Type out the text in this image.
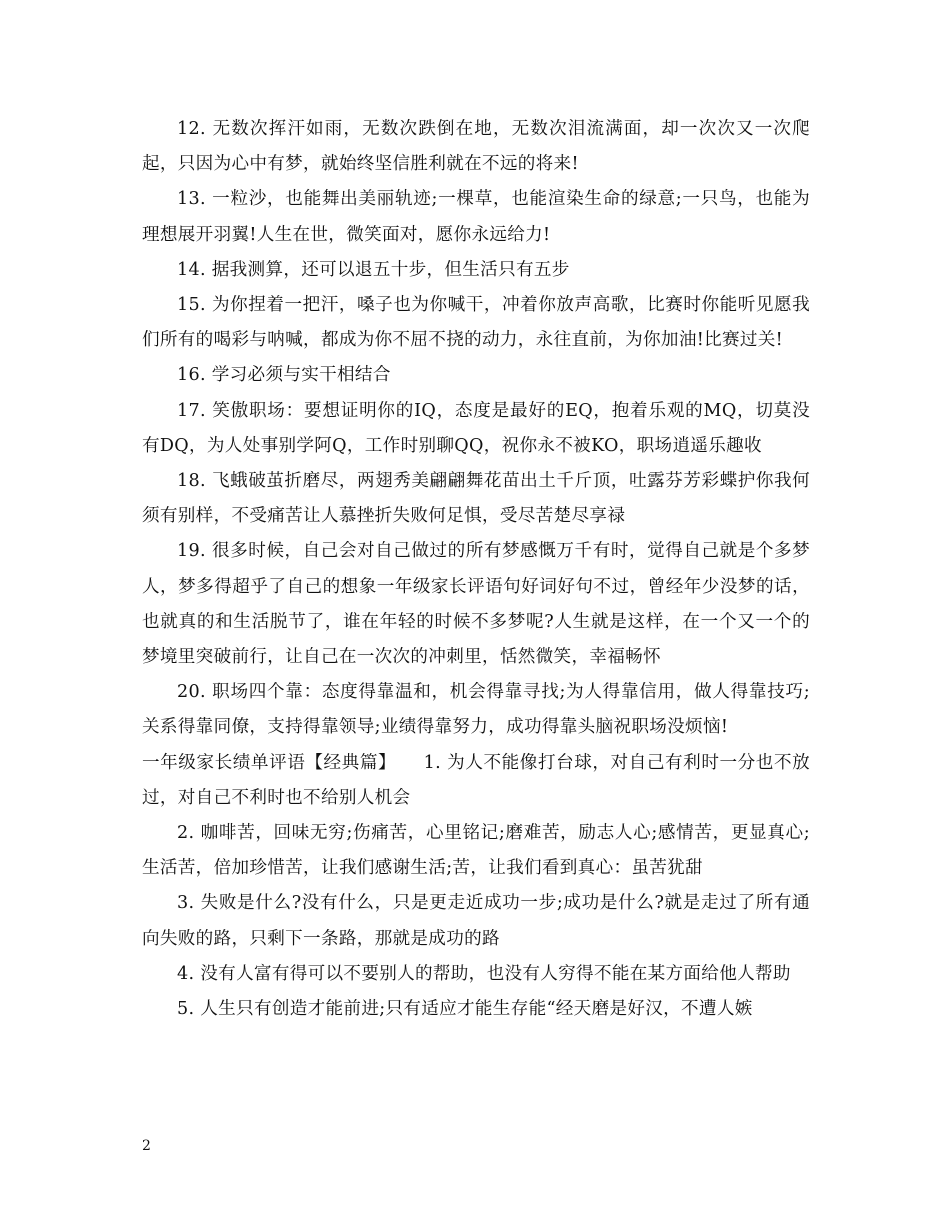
12. 无数次挥汗如雨，无数次跌倒在地，无数次泪流满面，却一次次又一次爬起，只因为心中有梦，就始终坚信胜利就在不远的将来!

13. 一粒沙，也能舞出美丽轨迹;一棵草，也能渲染生命的绿意;一只鸟，也能为理想展开羽翼!人生在世，微笑面对，愿你永远给力!

14. 据我测算，还可以退五十步，但生活只有五步

15. 为你捏着一把汗，嗓子也为你喊干，冲着你放声高歌，比赛时你能听见愿我们所有的喝彩与呐喊，都成为你不屈不挠的动力，永往直前，为你加油!比赛过关!

16. 学习必须与实干相结合

17. 笑傲职场：要想证明你的IQ，态度是最好的EQ，抱着乐观的MQ，切莫没有DQ，为人处事别学阿Q，工作时别聊QQ，祝你永不被KO，职场逍遥乐趣收

18. 飞蛾破茧折磨尽，两翅秀美翩翩舞花苗出土千斤顶，吐露芬芳彩蝶护你我何须有别样，不受痛苦让人慕挫折失败何足惧，受尽苦楚尽享禄

19. 很多时候，自己会对自己做过的所有梦感慨万千有时，觉得自己就是个多梦人，梦多得超乎了自己的想象一年级家长评语句好词好句不过，曾经年少没梦的话，也就真的和生活脱节了，谁在年轻的时候不多梦呢?人生就是这样，在一个又一个的梦境里突破前行，让自己在一次次的冲刺里，恬然微笑，幸福畅怀

20. 职场四个靠：态度得靠温和，机会得靠寻找;为人得靠信用，做人得靠技巧;关系得靠同僚，支持得靠领导;业绩得靠努力，成功得靠头脑祝职场没烦恼!

一年级家长绩单评语【经典篇】　　1. 为人不能像打台球，对自己有利时一分也不放过，对自己不利时也不给别人机会

2. 咖啡苦，回味无穷;伤痛苦，心里铭记;磨难苦，励志人心;感情苦，更显真心;生活苦，倍加珍惜苦，让我们感谢生活;苦，让我们看到真心：虽苦犹甜

3. 失败是什么?没有什么，只是更走近成功一步;成功是什么?就是走过了所有通向失败的路，只剩下一条路，那就是成功的路

4. 没有人富有得可以不要别人的帮助，也没有人穷得不能在某方面给他人帮助

5. 人生只有创造才能前进;只有适应才能生存能“经天磨是好汉，不遭人嫉

2
